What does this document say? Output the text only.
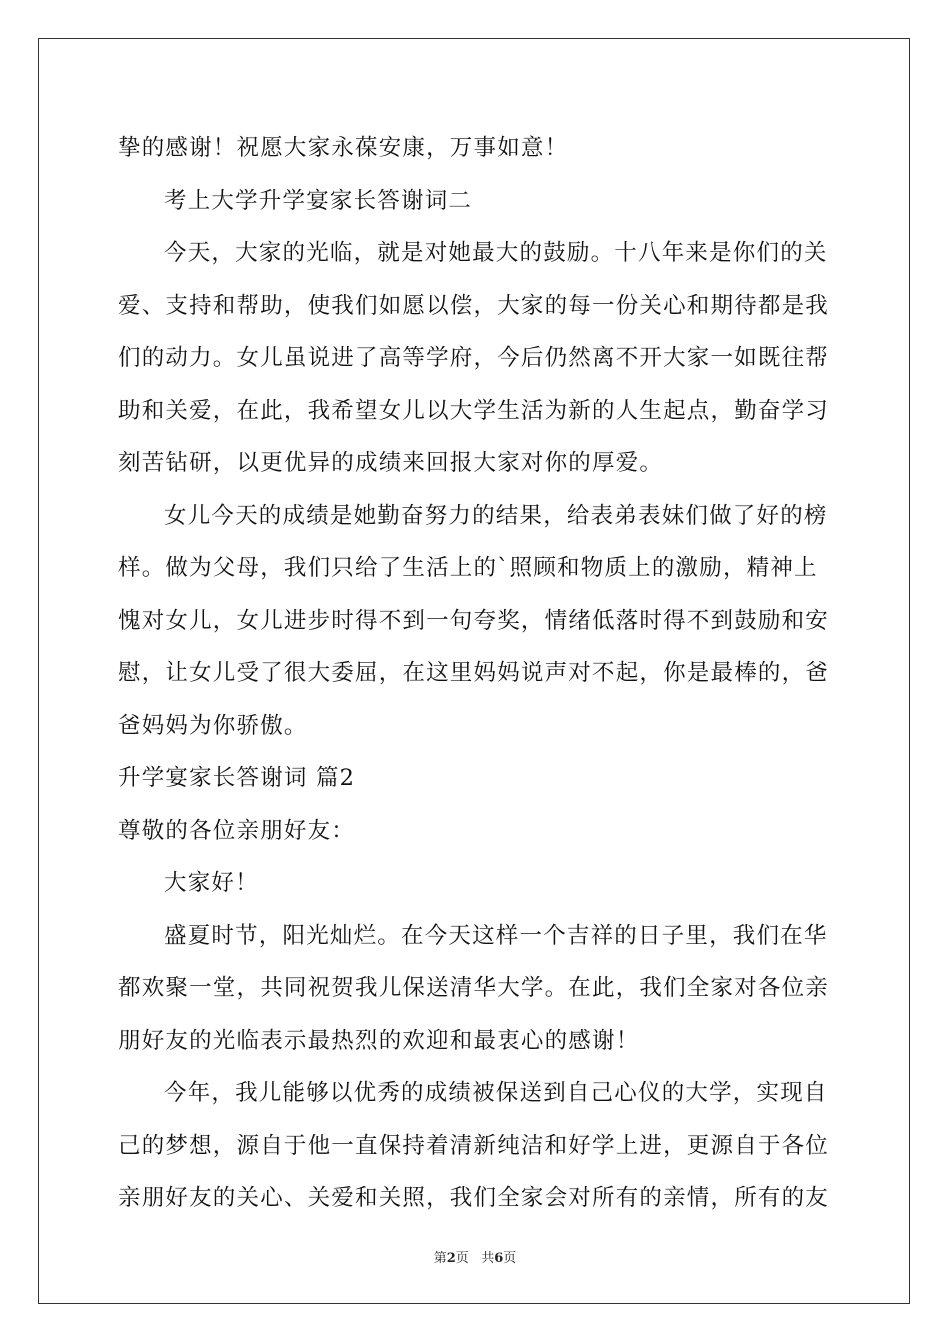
挚的感谢！祝愿大家永葆安康，万事如意！
考上大学升学宴家长答谢词二
今天，大家的光临，就是对她最大的鼓励。十八年来是你们的关
爱、支持和帮助，使我们如愿以偿，大家的每一份关心和期待都是我
们的动力。女儿虽说进了高等学府，今后仍然离不开大家一如既往帮
助和关爱，在此，我希望女儿以大学生活为新的人生起点，勤奋学习
刻苦钻研，以更优异的成绩来回报大家对你的厚爱。
女儿今天的成绩是她勤奋努力的结果，给表弟表妹们做了好的榜
样。做为父母，我们只给了生活上的`照顾和物质上的激励，精神上
愧对女儿，女儿进步时得不到一句夸奖，情绪低落时得不到鼓励和安
慰，让女儿受了很大委屈，在这里妈妈说声对不起，你是最棒的，爸
爸妈妈为你骄傲。
升学宴家长答谢词 篇2
尊敬的各位亲朋好友：
大家好！
盛夏时节，阳光灿烂。在今天这样一个吉祥的日子里，我们在华
都欢聚一堂，共同祝贺我儿保送清华大学。在此，我们全家对各位亲
朋好友的光临表示最热烈的欢迎和最衷心的感谢！
今年，我儿能够以优秀的成绩被保送到自己心仪的大学，实现自
己的梦想，源自于他一直保持着清新纯洁和好学上进，更源自于各位
亲朋好友的关心、关爱和关照，我们全家会对所有的亲情，所有的友
第2页   共6页
